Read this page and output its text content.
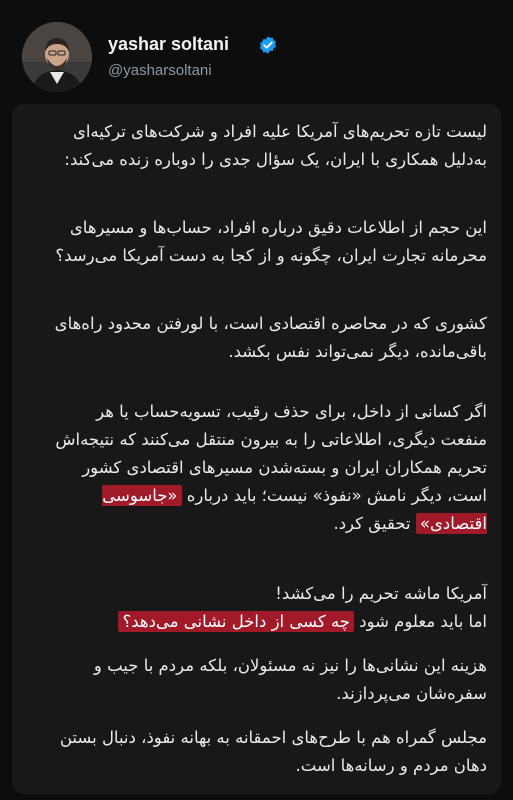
yashar soltani
@yasharsoltani
لیست تازه تحریم‌های آمریکا علیه افراد و شرکت‌های ترکیه‌ای به‌دلیل همکاری با ایران، یک سؤال جدی را دوباره زنده می‌کند:
این حجم از اطلاعات دقیق درباره افراد، حساب‌ها و مسیرهای محرمانه تجارت ایران، چگونه و از کجا به دست آمریکا می‌رسد؟
کشوری که در محاصره اقتصادی است، با لورفتن محدود راه‌های باقی‌مانده، دیگر نمی‌تواند نفس بکشد.
اگر کسانی از داخل، برای حذف رقیب، تسویه‌حساب یا هر منفعت دیگری، اطلاعاتی را به بیرون منتقل می‌کنند که نتیجه‌اش تحریم همکاران ایران و بسته‌شدن مسیرهای اقتصادی کشور است، دیگر نامش «نفوذ» نیست؛ باید درباره «جاسوسی اقتصادی» تحقیق کرد.
آمریکا ماشه تحریم را می‌کشد!
اما باید معلوم شود چه کسی از داخل نشانی می‌دهد؟
هزینه این نشانی‌ها را نیز نه مسئولان، بلکه مردم با جیب و سفره‌شان می‌پردازند.
مجلس گمراه هم با طرح‌های احمقانه به بهانه نفوذ، دنبال بستن دهان مردم و رسانه‌ها است.
